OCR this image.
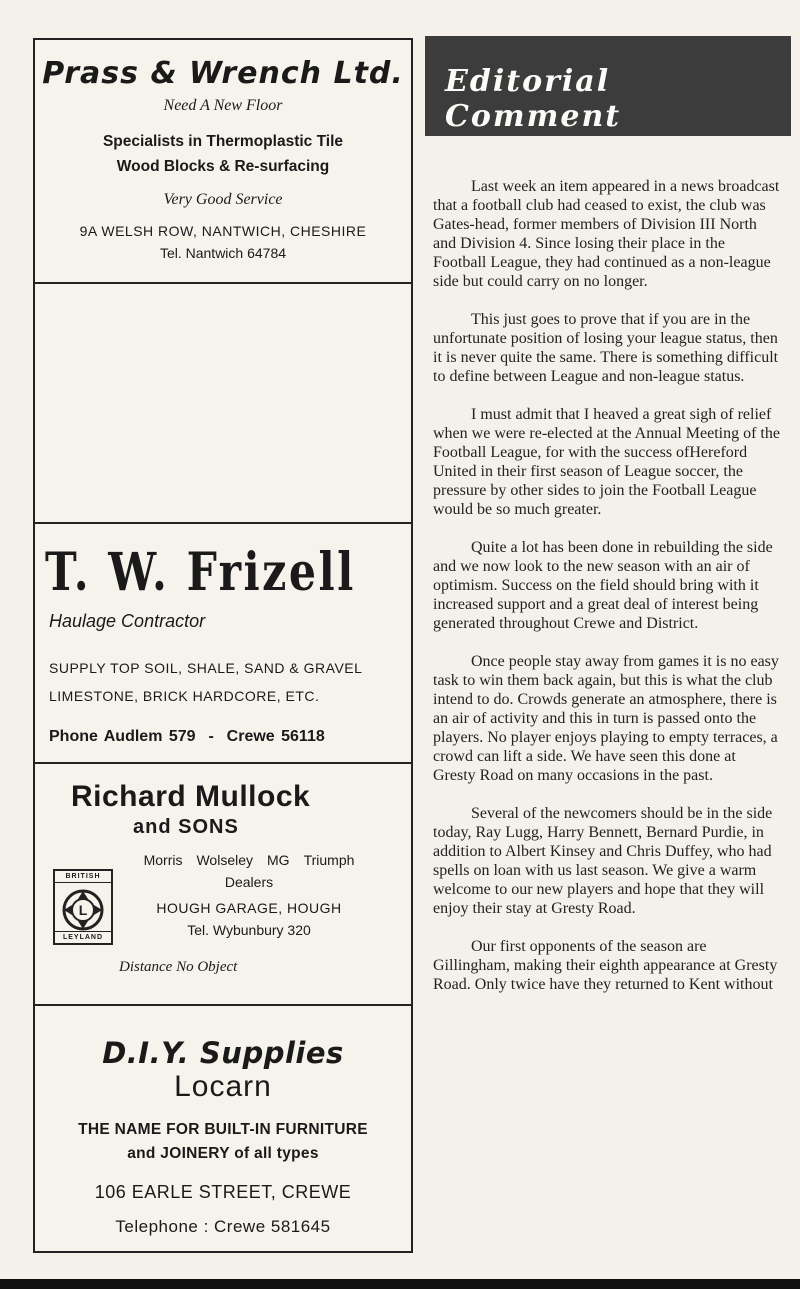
Prass & Wrench Ltd.
Need A New Floor
Specialists in Thermoplastic Tile
Wood Blocks & Re-surfacing
Very Good Service
9A WELSH ROW, NANTWICH, CHESHIRE
Tel. Nantwich 64784
T. W. Frizell
Haulage Contractor
SUPPLY TOP SOIL, SHALE, SAND & GRAVEL
LIMESTONE, BRICK HARDCORE, ETC.
Phone Audlem 579  -  Crewe 56118
Richard Mullock
and SONS
Morris Wolseley MG Triumph
Dealers
BRITISH
L
LEYLAND
HOUGH GARAGE, HOUGH
Tel. Wybunbury 320
Distance No Object
D.I.Y. Supplies
Locarn
THE NAME FOR BUILT-IN FURNITURE
and JOINERY of all types
106 EARLE STREET, CREWE
Telephone : Crewe 581645
Editorial Comment

Last week an item appeared in a news broadcast that a football club had ceased to exist, the club was Gates-head, former members of Division III North and Division 4. Since losing their place in the Football League, they had continued as a non-league side but could carry on no longer.

This just goes to prove that if you are in the unfortunate position of losing your league status, then it is never quite the same. There is something difficult to define between League and non-league status.

I must admit that I heaved a great sigh of relief when we were re-elected at the Annual Meeting of the Football League, for with the success ofHereford United in their first season of League soccer, the pressure by other sides to join the Football League would be so much greater.

Quite a lot has been done in rebuilding the side and we now look to the new season with an air of optimism. Success on the field should bring with it increased support and a great deal of interest being generated throughout Crewe and District.

Once people stay away from games it is no easy task to win them back again, but this is what the club intend to do. Crowds generate an atmosphere, there is an air of activity and this in turn is passed onto the players. No player enjoys playing to empty terraces, a crowd can lift a side. We have seen this done at Gresty Road on many occasions in the past.

Several of the newcomers should be in the side today, Ray Lugg, Harry Bennett, Bernard Purdie, in addition to Albert Kinsey and Chris Duffey, who had spells on loan with us last season. We give a warm welcome to our new players and hope that they will enjoy their stay at Gresty Road.

Our first opponents of the season are Gillingham, making their eighth appearance at Gresty Road. Only twice have they returned to Kent without
